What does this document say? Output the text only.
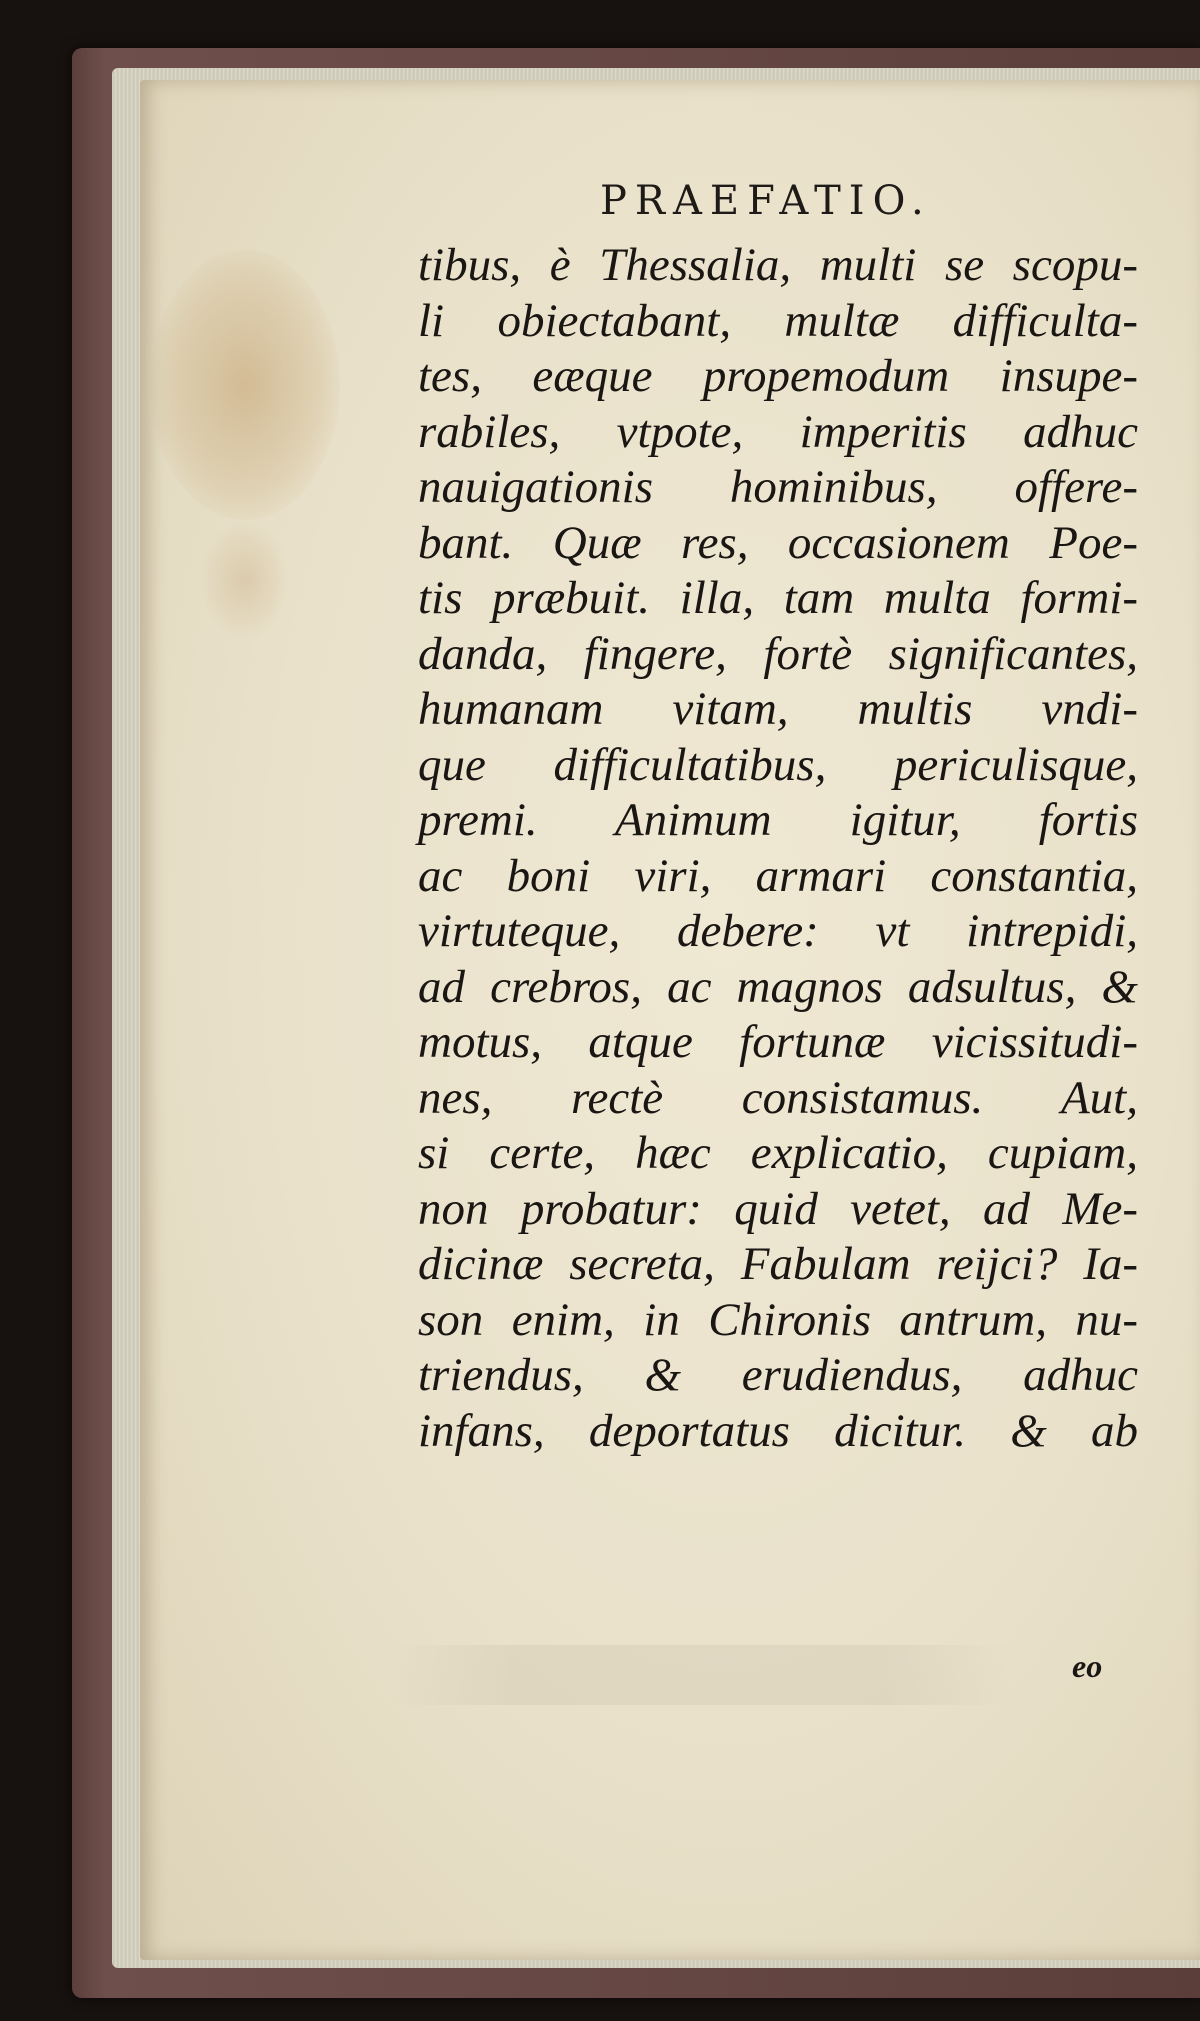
PRAEFATIO.
tibus, è Thessalia, multi se scopu-
li obiectabant, multæ difficulta-
tes, eæque propemodum insupe-
rabiles, vtpote, imperitis adhuc
nauigationis hominibus, offere-
bant. Quæ res, occasionem Poe-
tis præbuit. illa, tam multa formi-
danda, fingere, fortè significantes,
humanam vitam, multis vndi-
que difficultatibus, periculisque,
premi. Animum igitur, fortis
ac boni viri, armari constantia,
virtuteque, debere: vt intrepidi,
ad crebros, ac magnos adsultus, &
motus, atque fortunæ vicissitudi-
nes, rectè consistamus. Aut,
si certe, hæc explicatio, cupiam,
non probatur: quid vetet, ad Me-
dicinæ secreta, Fabulam reijci? Ia-
son enim, in Chironis antrum, nu-
triendus, & erudiendus, adhuc
infans, deportatus dicitur. & ab
eo
